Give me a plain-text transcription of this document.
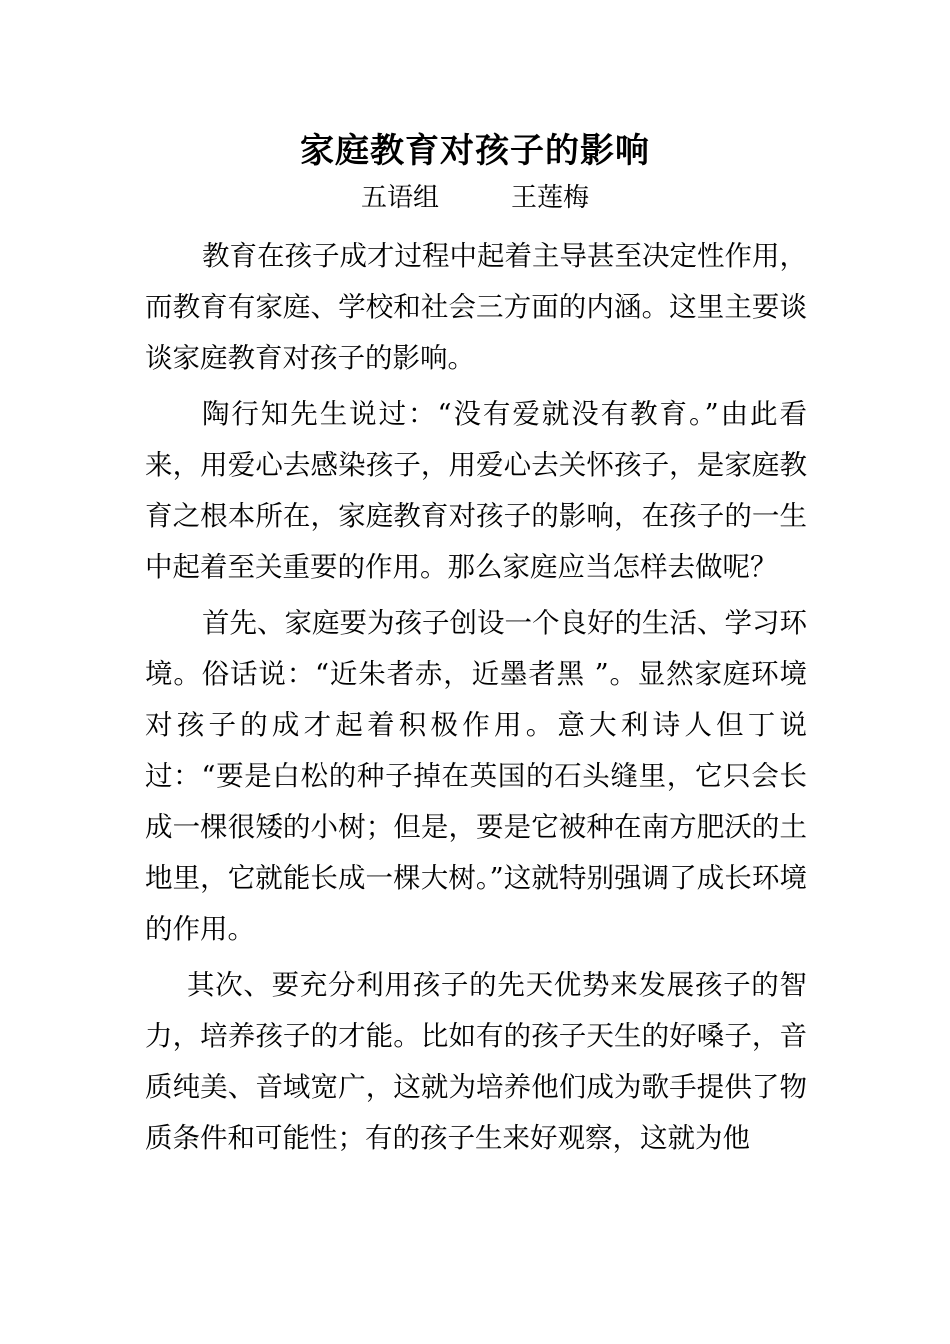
家庭教育对孩子的影响
五语组	王莲梅

教育在孩子成才过程中起着主导甚至决定性作用，而教育有家庭、学校和社会三方面的内涵。这里主要谈谈家庭教育对孩子的影响。

陶行知先生说过：“没有爱就没有教育。”由此看来，用爱心去感染孩子，用爱心去关怀孩子，是家庭教育之根本所在，家庭教育对孩子的影响，在孩子的一生中起着至关重要的作用。那么家庭应当怎样去做呢？

首先、家庭要为孩子创设一个良好的生活、学习环境。俗话说：“近朱者赤，近墨者黑 ”。显然家庭环境对孩子的成才起着积极作用。意大利诗人但丁说过：“要是白松的种子掉在英国的石头缝里，它只会长成一棵很矮的小树；但是，要是它被种在南方肥沃的土地里，它就能长成一棵大树。”这就特别强调了成长环境的作用。

其次、要充分利用孩子的先天优势来发展孩子的智力，培养孩子的才能。比如有的孩子天生的好嗓子，音质纯美、音域宽广，这就为培养他们成为歌手提供了物质条件和可能性；有的孩子生来好观察，这就为他
